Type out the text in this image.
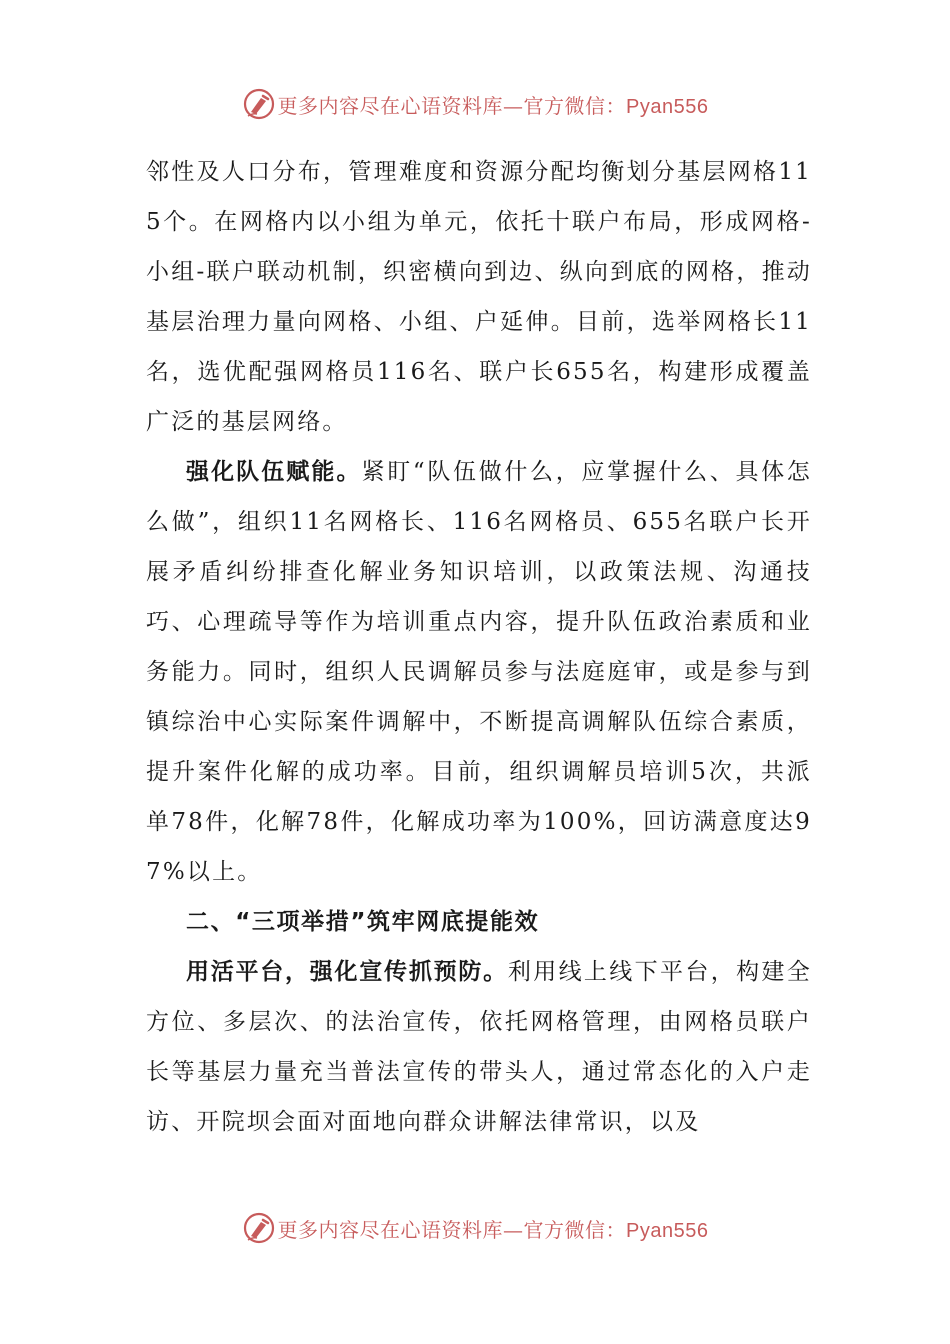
更多内容尽在心语资料库—官方微信：Pyan556

邻性及人口分布，管理难度和资源分配均衡划分基层网格115个。在网格内以小组为单元，依托十联户布局，形成网格-小组-联户联动机制，织密横向到边、纵向到底的网格，推动基层治理力量向网格、小组、户延伸。目前，选举网格长11名，选优配强网格员116名、联户长655名，构建形成覆盖广泛的基层网络。

强化队伍赋能。紧盯“队伍做什么，应掌握什么、具体怎么做”，组织11名网格长、116名网格员、655名联户长开展矛盾纠纷排查化解业务知识培训，以政策法规、沟通技巧、心理疏导等作为培训重点内容，提升队伍政治素质和业务能力。同时，组织人民调解员参与法庭庭审，或是参与到镇综治中心实际案件调解中，不断提高调解队伍综合素质，提升案件化解的成功率。目前，组织调解员培训5次，共派单78件，化解78件，化解成功率为100%，回访满意度达97%以上。

二、“三项举措”筑牢网底提能效

用活平台，强化宣传抓预防。利用线上线下平台，构建全方位、多层次、的法治宣传，依托网格管理，由网格员联户长等基层力量充当普法宣传的带头人，通过常态化的入户走访、开院坝会面对面地向群众讲解法律常识，以及

更多内容尽在心语资料库—官方微信：Pyan556
